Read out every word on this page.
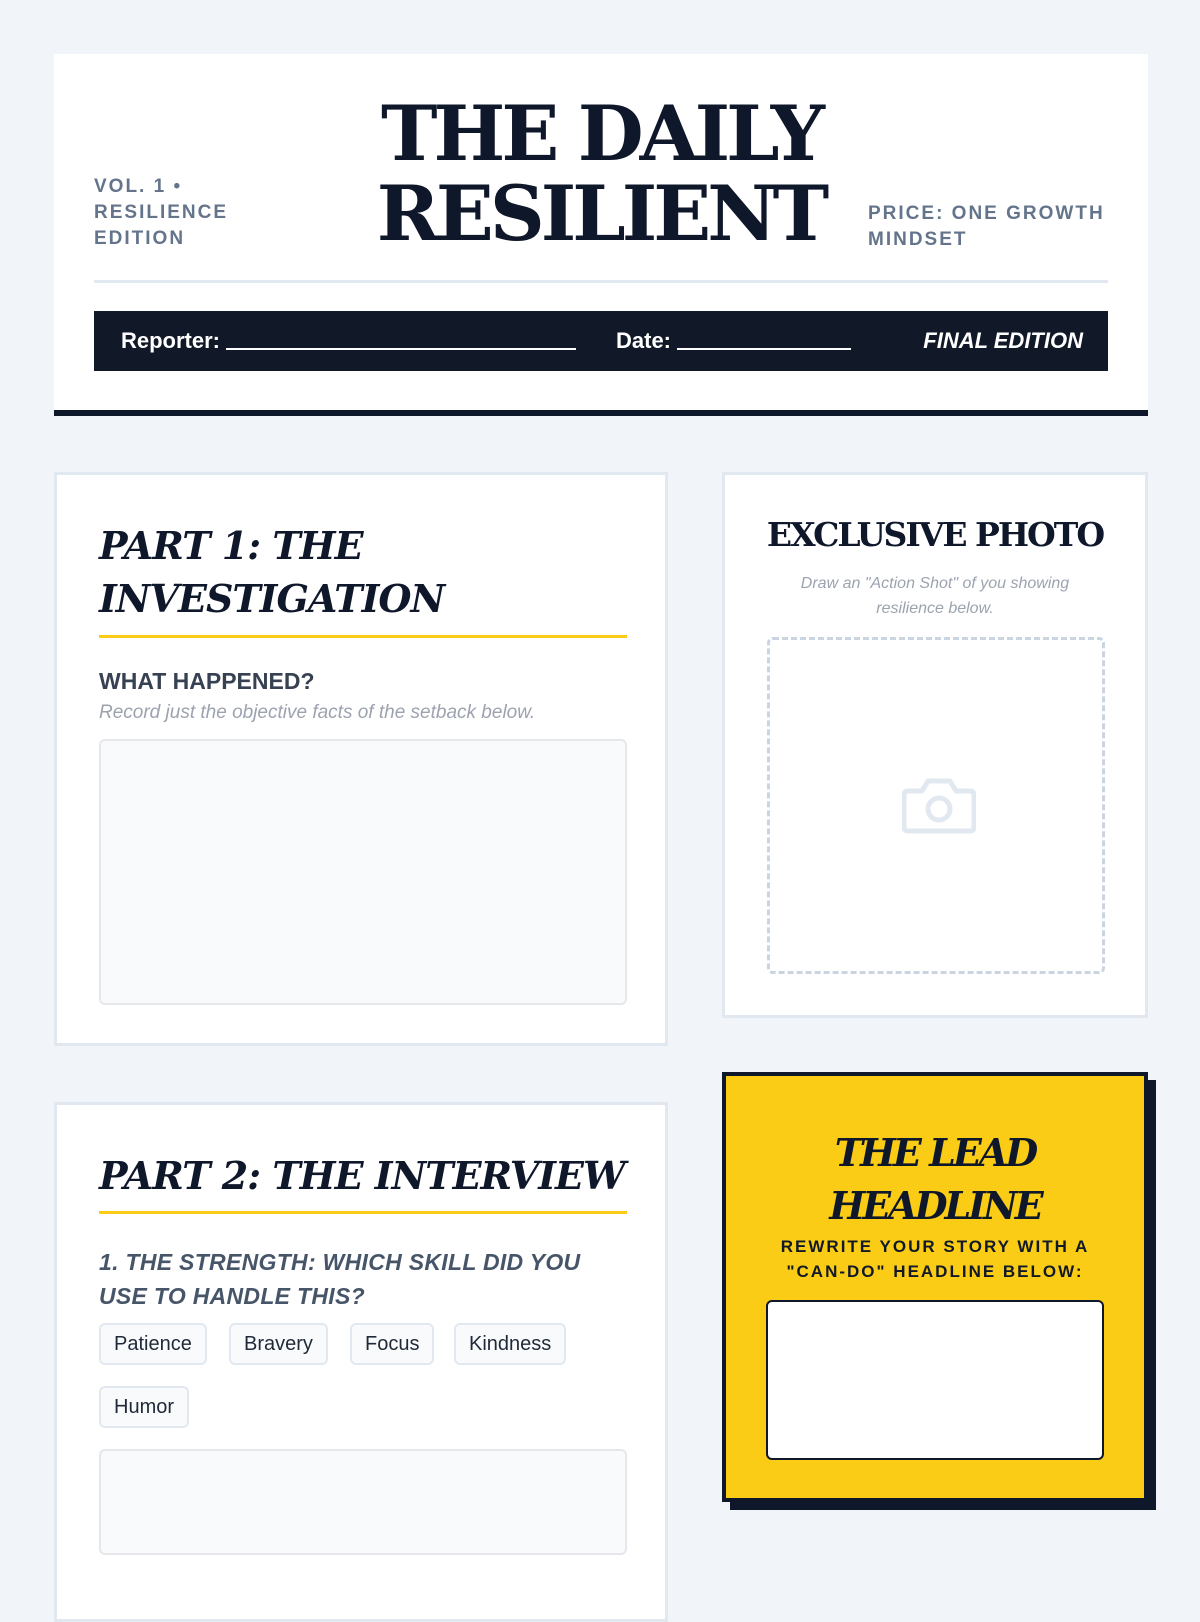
VOL. 1 • RESILIENCE EDITION
THE DAILY
RESILIENT	PRICE: ONE GROWTH MINDSET
Reporter:	Date:	FINAL EDITION
PART 1: THE INVESTIGATION

WHAT HAPPENED?

Record just the objective facts of the setback below.

EXCLUSIVE PHOTO

Draw an "Action Shot" of you showing resilience below.

PART 2: THE INTERVIEW

1. THE STRENGTH: WHICH SKILL DID YOU USE TO HANDLE THIS?

Patience	Bravery	Focus	Kindness
Humor
THE LEAD
HEADLINE

REWRITE YOUR STORY WITH A "CAN-DO" HEADLINE BELOW:
